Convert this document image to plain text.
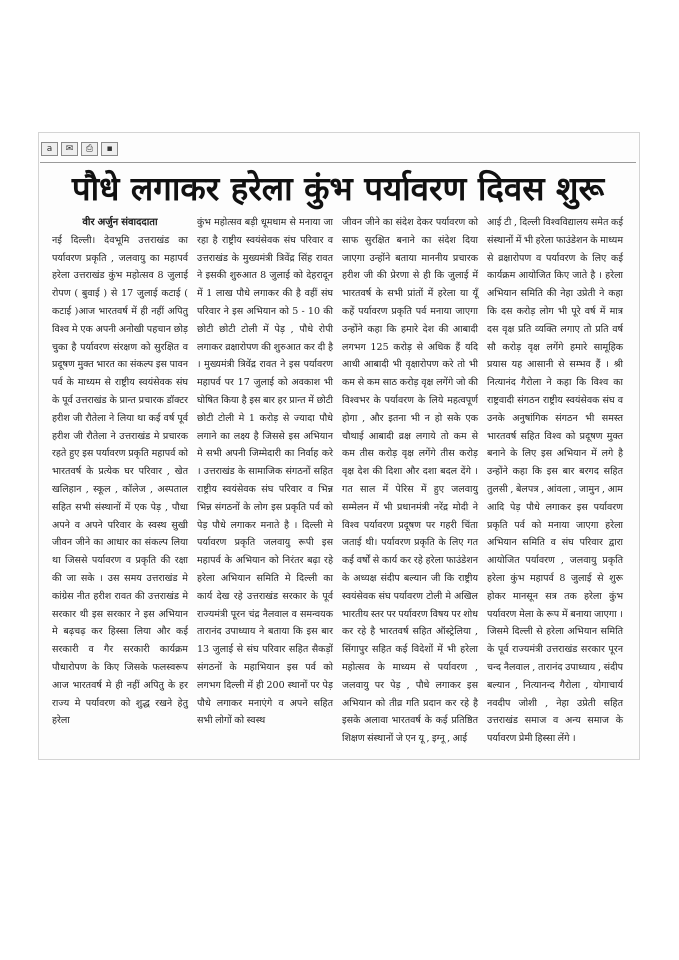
a	✉	⎙	▪
पौधे लगाकर हरेला कुंभ पर्यावरण दिवस शुरू
वीर अर्जुन संवाददाता

नई दिल्ली। देवभूमि उत्तराखंड का पर्यावरण प्रकृति , जलवायु का महापर्व हरेला उत्तराखंड कुंभ महोत्सव 8 जुलाई रोपण ( बुवाई ) से 17 जुलाई कटाई ( कटाई )आज भारतवर्ष में ही नहीं अपितु विश्व मे एक अपनी अनोखी पहचान छोड़ चुका है पर्यावरण संरक्षण को सुरक्षित व प्रदूषण मुक्त भारत का संकल्प इस पावन पर्व के माध्यम से राष्ट्रीय स्वयंसेवक संघ के पूर्व उत्तराखंड के प्रान्त प्रचारक डॉक्टर हरीश जी रौतेला ने लिया था कई वर्ष पूर्व हरीश जी रौतेला ने उत्तराखंड मे प्रचारक रहते हुए इस पर्यावरण प्रकृति महापर्व को भारतवर्ष के प्रत्येक घर परिवार , खेत खलिहान , स्कूल , कॉलेज , अस्पताल सहित सभी संस्थानों में एक पेड़ , पौधा अपने व अपने परिवार के स्वस्थ सुखी जीवन जीने का आधार का संकल्प लिया था जिससे पर्यावरण व प्रकृति की रक्षा की जा सके । उस समय उत्तराखंड मे कांग्रेस नीत हरीश रावत की उत्तराखंड मे सरकार थी इस सरकार ने इस अभियान मे बढ़चढ़ कर हिस्सा लिया और कई सरकारी व गैर सरकारी कार्यक्रम पौधारोपण के किए जिसके फलस्वरूप आज भारतवर्ष मे ही नहीं अपितु के हर राज्य मे पर्यावरण को शुद्ध रखने हेतु हरेला

कुंभ महोत्सव बड़ी धूमधाम से मनाया जा रहा है राष्ट्रीय स्वयंसेवक संघ परिवार व उत्तराखंड के मुख्यमंत्री त्रिवेंद्र सिंह रावत ने इसकी शुरुआत 8 जुलाई को देहरादून में 1 लाख पौधे लगाकर की है वहीं संघ परिवार ने इस अभियान को 5 - 10 की छोटी छोटी टोली में पेड़ , पौधे रोपी लगाकर व्रक्षारोपण की शुरुआत कर दी है । मुख्यमंत्री त्रिवेंद्र रावत ने इस पर्यावरण महापर्व पर 17 जुलाई को अवकाश भी घोषित किया है इस बार हर प्रान्त में छोटी छोटी टोली मे 1 करोड़ से ज्यादा पौधे लगाने का लक्ष्य है जिससे इस अभियान मे सभी अपनी जिम्मेदारी का निर्वाह करे । उत्तराखंड के सामाजिक संगठनों सहित राष्ट्रीय स्वयंसेवक संघ परिवार व भिन्न भिन्न संगठनों के लोग इस प्रकृति पर्व को पेड़ पौधे लगाकर मनाते है । दिल्ली मे पर्यावरण प्रकृति जलवायु रूपी इस महापर्व के अभियान को निरंतर बढ़ा रहे हरेला अभियान समिति मे दिल्ली का कार्य देख रहे उत्तराखंड सरकार के पूर्व राज्यमंत्री पूरन चंद्र नैलवाल व समन्वयक तारानंद उपाध्याय ने बताया कि इस बार 13 जुलाई से संघ परिवार सहित सैकड़ों संगठनों के महाभियान इस पर्व को लगभग दिल्ली में ही 200 स्थानों पर पेड़ पौधे लगाकर मनाएंगे व अपने सहित सभी लोगों को स्वस्थ

जीवन जीने का संदेश देकर पर्यावरण को साफ सुरक्षित बनाने का संदेश दिया जाएगा उन्होंने बताया माननीय प्रचारक हरीश जी की प्रेरणा से ही कि जुलाई में भारतवर्ष के सभी प्रांतों में हरेला या यूँ कहें पर्यावरण प्रकृति पर्व मनाया जाएगा उन्होंने कहा कि हमारे देश की आबादी लगभग 125 करोड़ से अधिक हैं यदि आधी आबादी भी वृक्षारोपण करे तो भी कम से कम साठ करोड़ वृक्ष लगेंगे जो की विश्वभर के पर्यावरण के लिये महत्वपूर्ण होगा , और इतना भी न हो सके एक चौथाई आबादी व्रक्ष लगाये तो कम से कम तीस करोड़ वृक्ष लगेंगे तीस करोड़ वृक्ष देश की दिशा और दशा बदल देंगे । गत साल में पेरिस में हुए जलवायु सम्मेलन में भी प्रधानमंत्री नरेंद्र मोदी ने विश्व पर्यावरण प्रदूषण पर गहरी चिंता जताई थी। पर्यावरण प्रकृति के लिए गत कई वर्षों से कार्य कर रहे हरेला फाउंडेशन के अध्यक्ष संदीप बल्यान जी कि राष्ट्रीय स्वयंसेवक संघ पर्यावरण टोली मे अखिल भारतीय स्तर पर पर्यावरण विषय पर शोध कर रहे है भारतवर्ष सहित ऑस्ट्रेलिया , सिंगापुर सहित कई विदेशों में भी हरेला महोत्सव के माध्यम से पर्यावरण , जलवायु पर पेड़ , पौधे लगाकर इस अभियान को तीव्र गति प्रदान कर रहे है इसके अलावा भारतवर्ष के कई प्रतिष्ठित शिक्षण संस्थानों जे एन यू , इग्नू , आई

आई टी , दिल्ली विश्वविद्यालय समेत कई संस्थानों में भी हरेला फाउंडेशन के माध्यम से व्रक्षारोपण व पर्यावरण के लिए कई कार्यक्रम आयोजित किए जाते है । हरेला अभियान समिति की नेहा उप्रेती ने कहा कि दस करोड़ लोग भी पूरे वर्ष में मात्र दस वृक्ष प्रति व्यक्ति लगाए तो प्रति वर्ष सौ करोड़ वृक्ष लगेंगे हमारे सामूहिक प्रयास यह आसानी से सम्भव हैं । श्री नित्यानंद गैरोला ने कहा कि विश्व का राष्ट्रवादी संगठन राष्ट्रीय स्वयंसेवक संघ व उनके अनुषांगिक संगठन भी समस्त भारतवर्ष सहित विश्व को प्रदूषण मुक्त बनाने के लिए इस अभियान में लगे है उन्होंने कहा कि इस बार बरगद सहित तुलसी , बेलपत्र , आंवला , जामुन , आम आदि पेड़ पौधे लगाकर इस पर्यावरण प्रकृति पर्व को मनाया जाएगा हरेला अभियान समिति व संघ परिवार द्वारा आयोजित पर्यावरण , जलवायु प्रकृति हरेला कुंभ महापर्व 8 जुलाई से शुरू होकर मानसून सत्र तक हरेला कुंभ पर्यावरण मेला के रूप में बनाया जाएगा । जिसमे दिल्ली से हरेला अभियान समिति के पूर्व राज्यमंत्री उत्तराखंड सरकार पूरन चन्द नैलवाल , तारानंद उपाध्याय , संदीप बल्यान , नित्यानन्द गैरोला , योगाचार्य नवदीप जोशी , नेहा उप्रेती सहित उत्तराखंड समाज व अन्य समाज के पर्यावरण प्रेमी हिस्सा लेंगे ।
